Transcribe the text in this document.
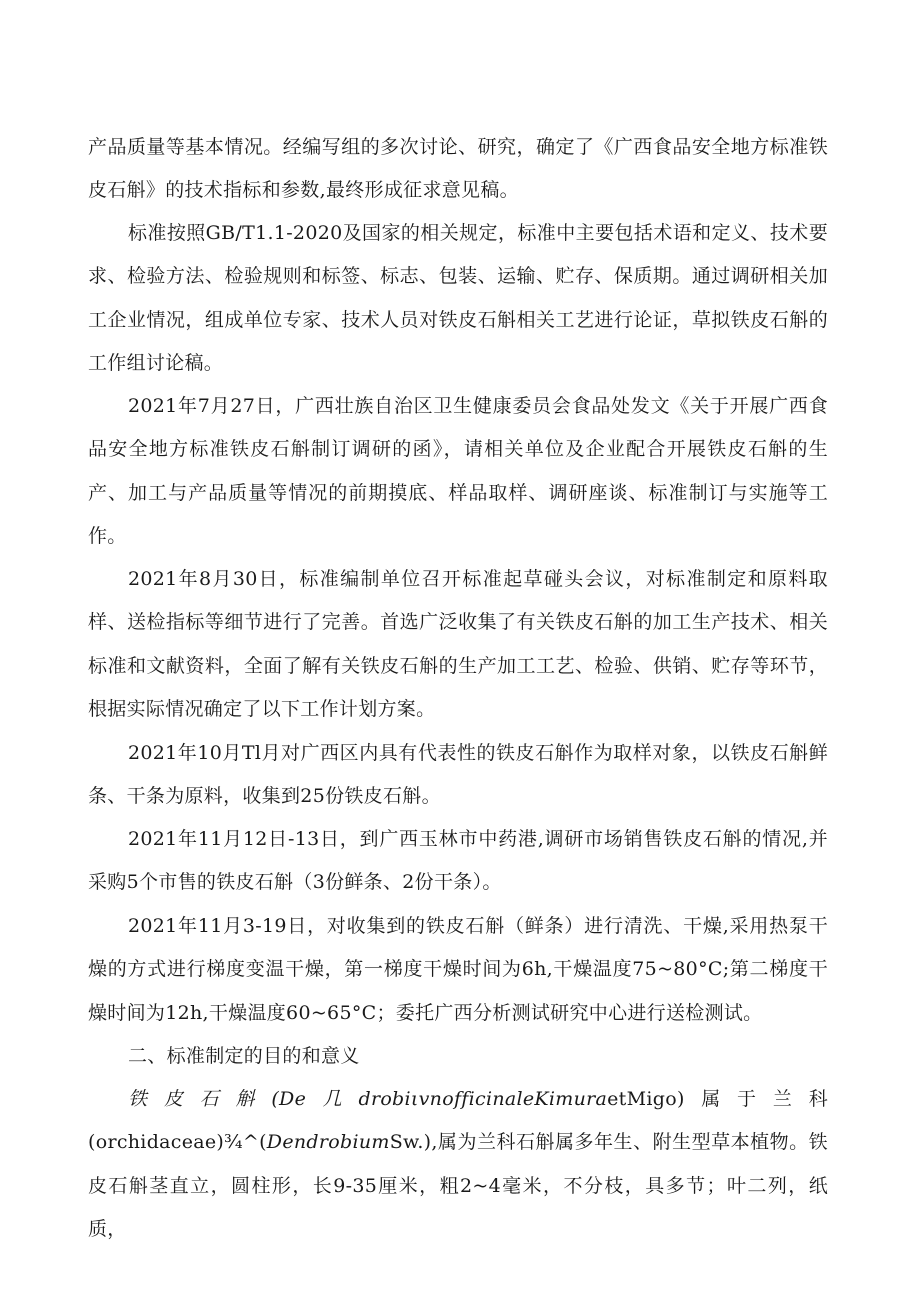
产品质量等基本情况。经编写组的多次讨论、研究，确定了《广西食品安全地方标准铁皮石斛》的技术指标和参数,最终形成征求意见稿。

标准按照GB/T1.1-2020及国家的相关规定，标准中主要包括术语和定义、技术要求、检验方法、检验规则和标签、标志、包装、运输、贮存、保质期。通过调研相关加工企业情况，组成单位专家、技术人员对铁皮石斛相关工艺进行论证，草拟铁皮石斛的工作组讨论稿。

2021年7月27日，广西壮族自治区卫生健康委员会食品处发文《关于开展广西食品安全地方标准铁皮石斛制订调研的函》，请相关单位及企业配合开展铁皮石斛的生产、加工与产品质量等情况的前期摸底、样品取样、调研座谈、标准制订与实施等工作。

2021年8月30日，标准编制单位召开标准起草碰头会议，对标准制定和原料取样、送检指标等细节进行了完善。首选广泛收集了有关铁皮石斛的加工生产技术、相关标准和文献资料，全面了解有关铁皮石斛的生产加工工艺、检验、供销、贮存等环节，根据实际情况确定了以下工作计划方案。

2021年10月Tl月对广西区内具有代表性的铁皮石斛作为取样对象，以铁皮石斛鲜条、干条为原料，收集到25份铁皮石斛。

2021年11月12日-13日，到广西玉林市中药港,调研市场销售铁皮石斛的情况,并采购5个市售的铁皮石斛（3份鲜条、2份干条）。

2021年11月3-19日，对收集到的铁皮石斛（鲜条）进行清洗、干燥,采用热泵干燥的方式进行梯度变温干燥，第一梯度干燥时间为6h,干燥温度75~80°C;第二梯度干燥时间为12h,干燥温度60~65°C；委托广西分析测试研究中心进行送检测试。

二、标准制定的目的和意义

铁皮石斛(De几drobiιvnofficinaleKimuraetMigo)属于兰科(orchidaceae)¾^(DendrobiumSw.),属为兰科石斛属多年生、附生型草本植物。铁皮石斛茎直立，圆柱形，长9-35厘米，粗2~4毫米，不分枝，具多节；叶二列，纸质，
